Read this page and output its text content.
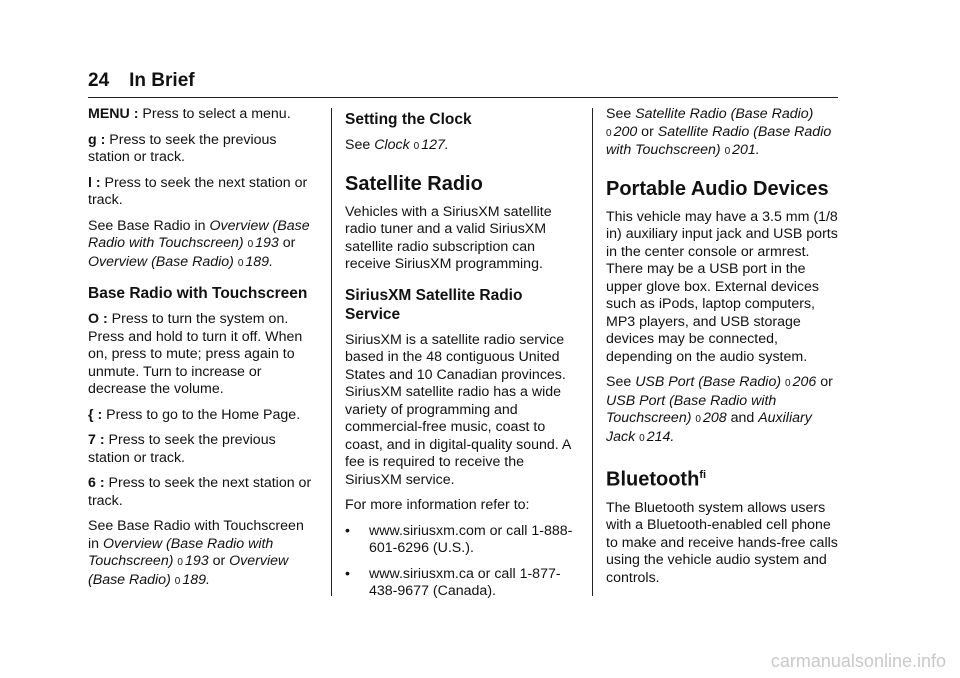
24 In Brief

MENU : Press to select a menu.

g : Press to seek the previous station or track.

l : Press to seek the next station or track.

See Base Radio in Overview (Base Radio with Touchscreen) 0 193 or Overview (Base Radio) 0 189.

Base Radio with Touchscreen

O : Press to turn the system on. Press and hold to turn it off. When on, press to mute; press again to unmute. Turn to increase or decrease the volume.

{ : Press to go to the Home Page.

7 : Press to seek the previous station or track.

6 : Press to seek the next station or track.

See Base Radio with Touchscreen in Overview (Base Radio with Touchscreen) 0 193 or Overview (Base Radio) 0 189.

Setting the Clock

See Clock 0 127.

Satellite Radio

Vehicles with a SiriusXM satellite radio tuner and a valid SiriusXM satellite radio subscription can receive SiriusXM programming.

SiriusXM Satellite Radio Service

SiriusXM is a satellite radio service based in the 48 contiguous United States and 10 Canadian provinces. SiriusXM satellite radio has a wide variety of programming and commercial-free music, coast to coast, and in digital-quality sound. A fee is required to receive the SiriusXM service.

For more information refer to:

•	www.siriusxm.com or call 1-888-601-6296 (U.S.).
•	www.siriusxm.ca or call 1-877-438-9677 (Canada).

See Satellite Radio (Base Radio) 0 200 or Satellite Radio (Base Radio with Touchscreen) 0 201.

Portable Audio Devices

This vehicle may have a 3.5 mm (1/8 in) auxiliary input jack and USB ports in the center console or armrest. There may be a USB port in the upper glove box. External devices such as iPods, laptop computers, MP3 players, and USB storage devices may be connected, depending on the audio system.

See USB Port (Base Radio) 0 206 or USB Port (Base Radio with Touchscreen) 0 208 and Auxiliary Jack 0 214.

Bluetooth$^{fi}$

The Bluetooth system allows users with a Bluetooth-enabled cell phone to make and receive hands-free calls using the vehicle audio system and controls.

carmanualsonline.info
